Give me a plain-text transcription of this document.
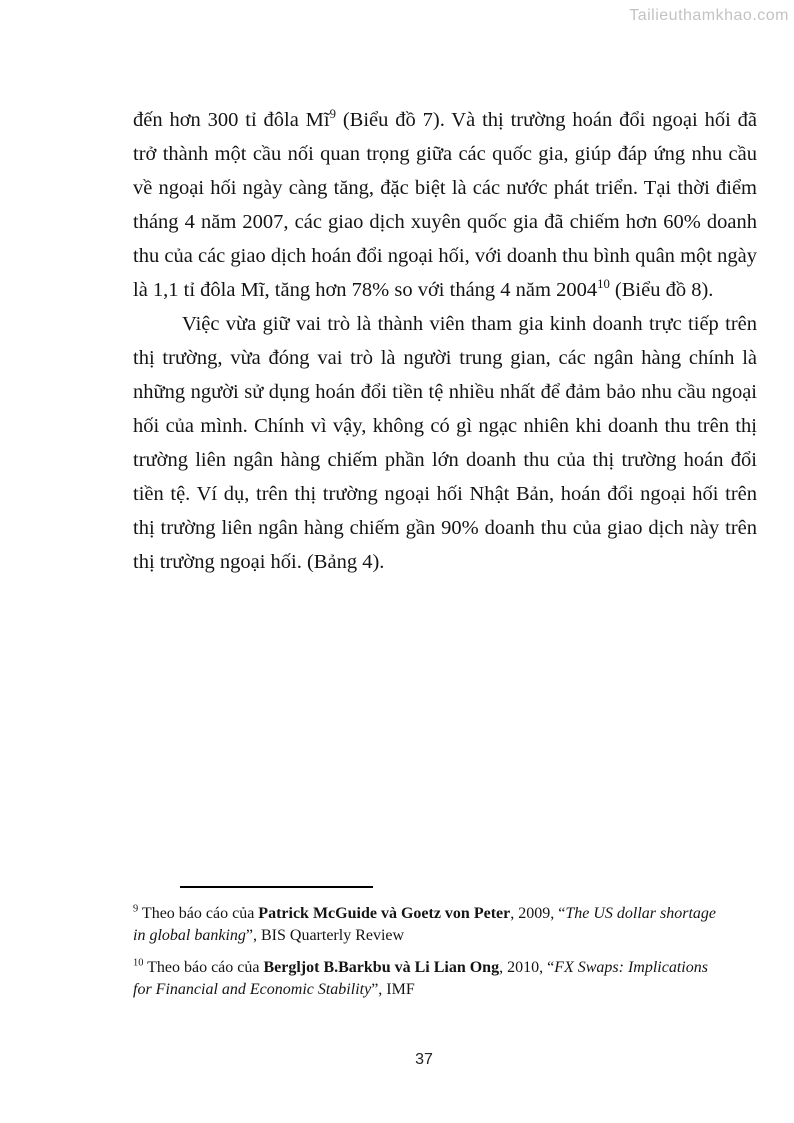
Tailieuthamkhao.com

đến hơn 300 tỉ đôla $Mĩ^9$ (Biểu đồ 7). Và thị trường hoán đổi ngoại hối đã trở thành một cầu nối quan trọng giữa các quốc gia, giúp đáp ứng nhu cầu về ngoại hối ngày càng tăng, đặc biệt là các nước phát triển. Tại thời điểm tháng 4 năm 2007, các giao dịch xuyên quốc gia đã chiếm hơn 60% doanh thu của các giao dịch hoán đổi ngoại hối, với doanh thu bình quân một ngày là 1,1 tỉ đôla Mĩ, tăng hơn 78% so với tháng 4 năm 2004$^{10}$ (Biểu đồ 8).

Việc vừa giữ vai trò là thành viên tham gia kinh doanh trực tiếp trên thị trường, vừa đóng vai trò là người trung gian, các ngân hàng chính là những người sử dụng hoán đổi tiền tệ nhiều nhất để đảm bảo nhu cầu ngoại hối của mình. Chính vì vậy, không có gì ngạc nhiên khi doanh thu trên thị trường liên ngân hàng chiếm phần lớn doanh thu của thị trường hoán đổi tiền tệ. Ví dụ, trên thị trường ngoại hối Nhật Bản, hoán đổi ngoại hối trên thị trường liên ngân hàng chiếm gần 90% doanh thu của giao dịch này trên thị trường ngoại hối. (Bảng 4).

$^9$ Theo báo cáo của Patrick McGuide và Goetz von Peter, 2009, “The US dollar shortage in global banking”, BIS Quarterly Review

$^{10}$ Theo báo cáo của Bergljot B.Barkbu và Li Lian Ong, 2010, “FX Swaps: Implications for Financial and Economic Stability”, IMF

37
